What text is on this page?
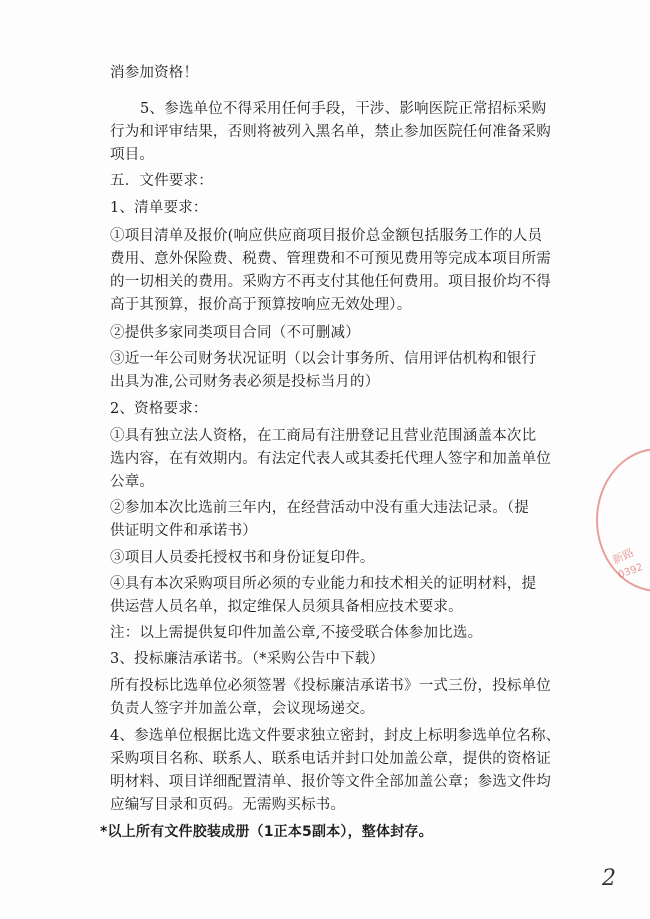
消参加资格！
5、参选单位不得采用任何手段，干涉、影响医院正常招标采购
行为和评审结果，否则将被列入黑名单，禁止参加医院任何准备采购
项目。
五．文件要求：
1、清单要求：
①项目清单及报价(响应供应商项目报价总金额包括服务工作的人员
费用、意外保险费、税费、管理费和不可预见费用等完成本项目所需
的一切相关的费用。采购方不再支付其他任何费用。项目报价均不得
高于其预算，报价高于预算按响应无效处理）。
②提供多家同类项目合同（不可删减）
③近一年公司财务状况证明（以会计事务所、信用评估机构和银行
出具为准,公司财务表必须是投标当月的）
2、资格要求：
①具有独立法人资格，在工商局有注册登记且营业范围涵盖本次比
选内容，在有效期内。有法定代表人或其委托代理人签字和加盖单位
公章。
②参加本次比选前三年内，在经营活动中没有重大违法记录。（提
供证明文件和承诺书）
③项目人员委托授权书和身份证复印件。
④具有本次采购项目所必须的专业能力和技术相关的证明材料，提
供运营人员名单，拟定维保人员须具备相应技术要求。
注：以上需提供复印件加盖公章,不接受联合体参加比选。
3、投标廉洁承诺书。（*采购公告中下载）
所有投标比选单位必须签署《投标廉洁承诺书》一式三份，投标单位
负责人签字并加盖公章，会议现场递交。
4、参选单位根据比选文件要求独立密封，封皮上标明参选单位名称、
采购项目名称、联系人、联系电话并封口处加盖公章，提供的资格证
明材料、项目详细配置清单、报价等文件全部加盖公章；参选文件均
应编写目录和页码。无需购买标书。
*以上所有文件胶装成册（1正本5副本），整体封存。
新路
0392
2
